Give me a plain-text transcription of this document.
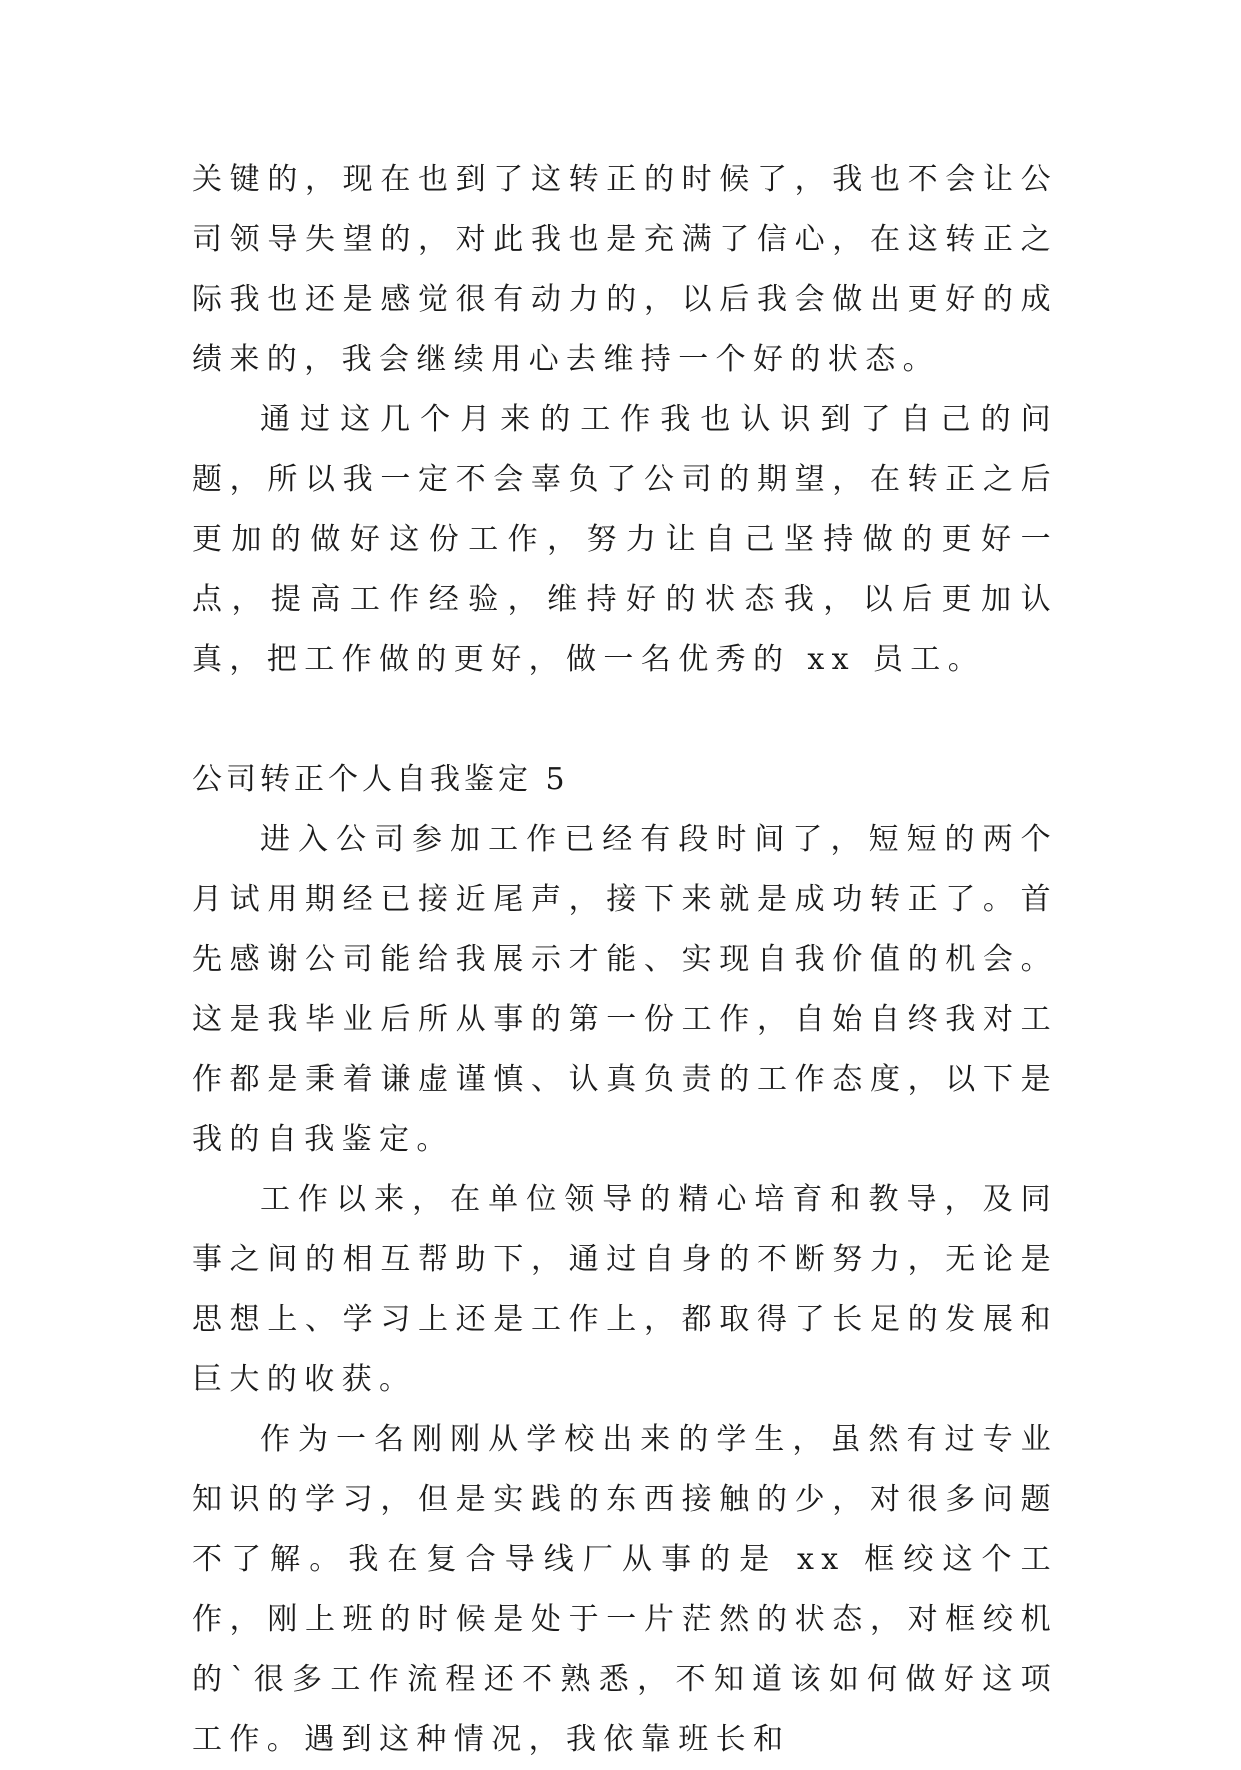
关键的，现在也到了这转正的时候了，我也不会让公司领导失望的，对此我也是充满了信心，在这转正之际我也还是感觉很有动力的，以后我会做出更好的成绩来的，我会继续用心去维持一个好的状态。

通过这几个月来的工作我也认识到了自己的问题，所以我一定不会辜负了公司的期望，在转正之后更加的做好这份工作，努力让自己坚持做的更好一点，提高工作经验，维持好的状态我，以后更加认真，把工作做的更好，做一名优秀的 xx 员工。

公司转正个人自我鉴定 5

进入公司参加工作已经有段时间了，短短的两个月试用期经已接近尾声，接下来就是成功转正了。首先感谢公司能给我展示才能、实现自我价值的机会。这是我毕业后所从事的第一份工作，自始自终我对工作都是秉着谦虚谨慎、认真负责的工作态度，以下是我的自我鉴定。

工作以来，在单位领导的精心培育和教导，及同事之间的相互帮助下，通过自身的不断努力，无论是思想上、学习上还是工作上，都取得了长足的发展和巨大的收获。

作为一名刚刚从学校出来的学生，虽然有过专业知识的学习，但是实践的东西接触的少，对很多问题不了解。我在复合导线厂从事的是 xx 框绞这个工作，刚上班的时候是处于一片茫然的状态，对框绞机的`很多工作流程还不熟悉，不知道该如何做好这项工作。遇到这种情况，我依靠班长和
